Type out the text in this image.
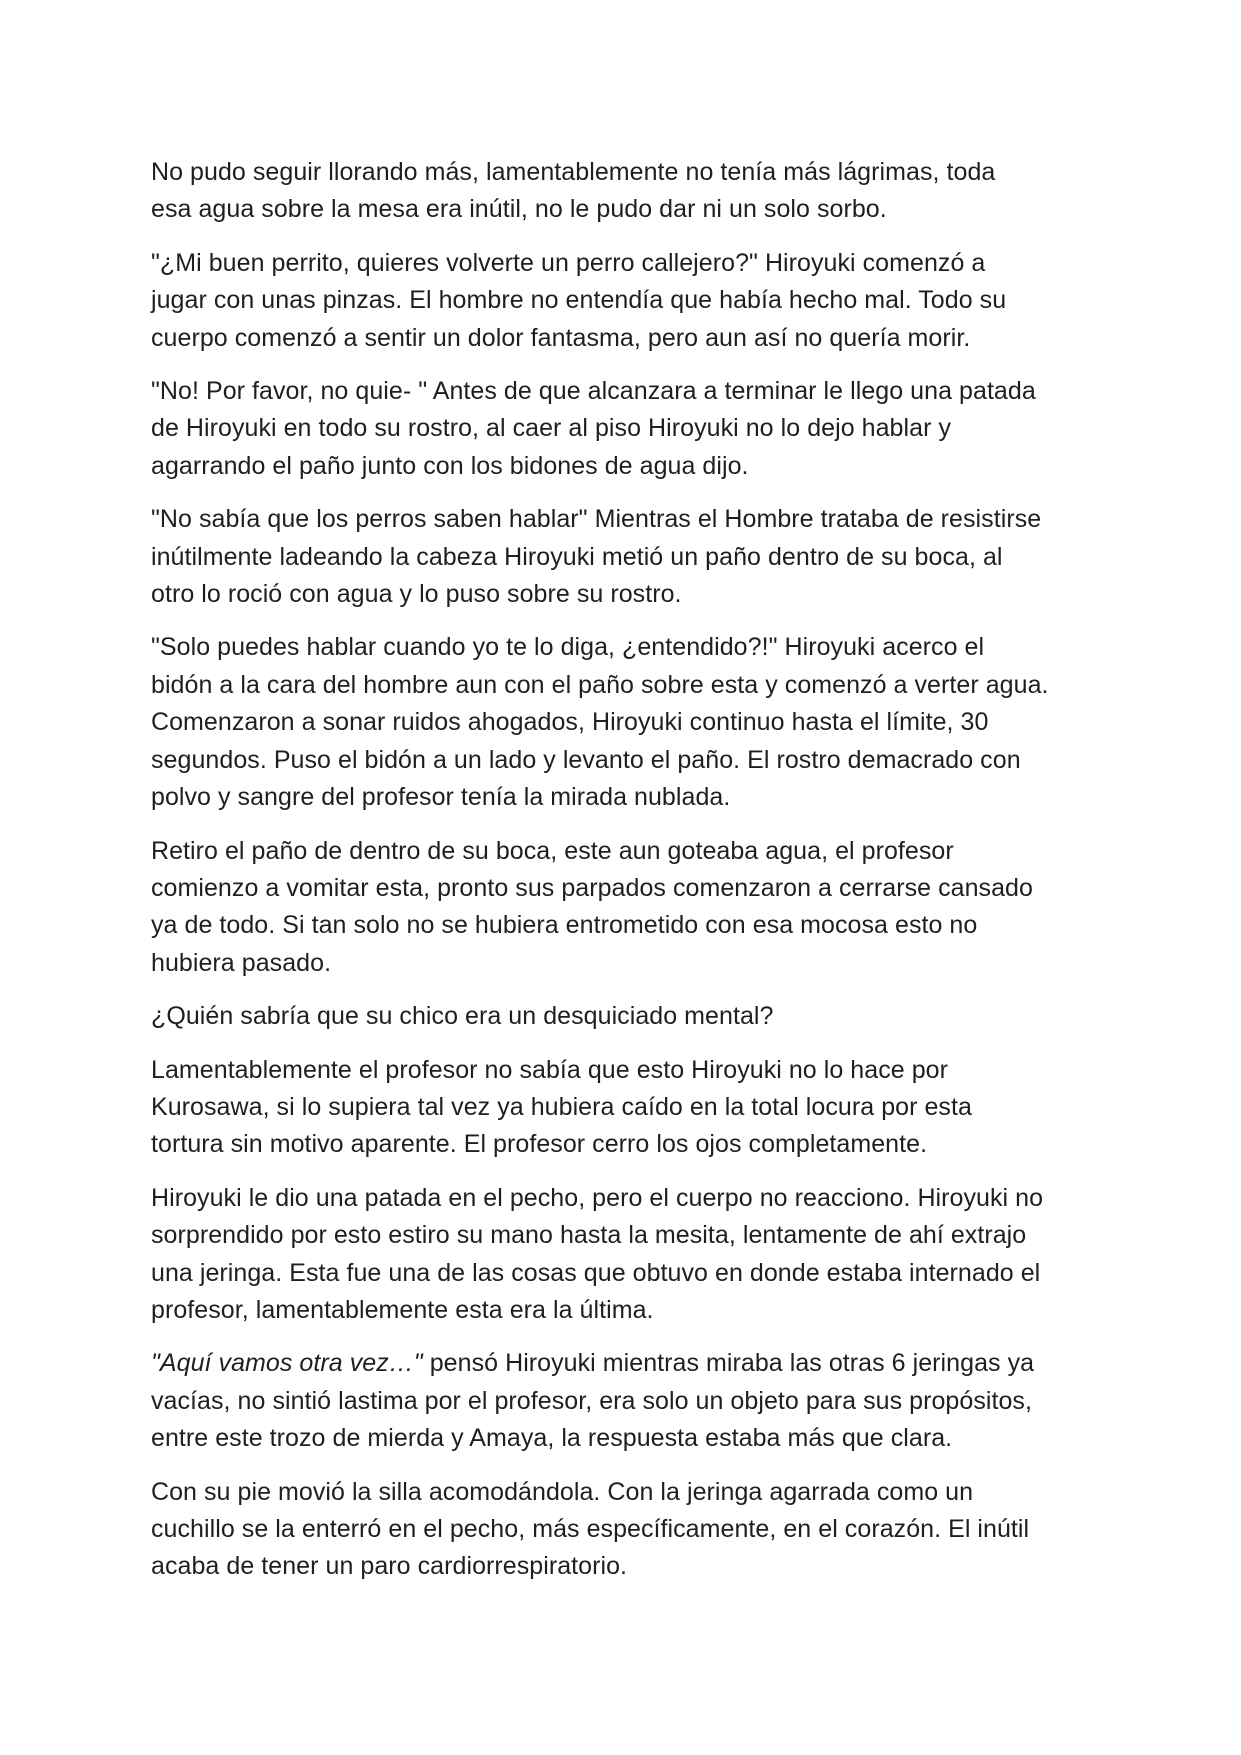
No pudo seguir llorando más, lamentablemente no tenía más lágrimas, toda
esa agua sobre la mesa era inútil, no le pudo dar ni un solo sorbo.

"¿Mi buen perrito, quieres volverte un perro callejero?" Hiroyuki comenzó a
jugar con unas pinzas. El hombre no entendía que había hecho mal. Todo su
cuerpo comenzó a sentir un dolor fantasma, pero aun así no quería morir.

"No! Por favor, no quie- " Antes de que alcanzara a terminar le llego una patada
de Hiroyuki en todo su rostro, al caer al piso Hiroyuki no lo dejo hablar y
agarrando el paño junto con los bidones de agua dijo.

"No sabía que los perros saben hablar" Mientras el Hombre trataba de resistirse
inútilmente ladeando la cabeza Hiroyuki metió un paño dentro de su boca, al
otro lo roció con agua y lo puso sobre su rostro.

"Solo puedes hablar cuando yo te lo diga, ¿entendido?!" Hiroyuki acerco el
bidón a la cara del hombre aun con el paño sobre esta y comenzó a verter agua.
Comenzaron a sonar ruidos ahogados, Hiroyuki continuo hasta el límite, 30
segundos. Puso el bidón a un lado y levanto el paño. El rostro demacrado con
polvo y sangre del profesor tenía la mirada nublada.

Retiro el paño de dentro de su boca, este aun goteaba agua, el profesor
comienzo a vomitar esta, pronto sus parpados comenzaron a cerrarse cansado
ya de todo. Si tan solo no se hubiera entrometido con esa mocosa esto no
hubiera pasado.

¿Quién sabría que su chico era un desquiciado mental?

Lamentablemente el profesor no sabía que esto Hiroyuki no lo hace por
Kurosawa, si lo supiera tal vez ya hubiera caído en la total locura por esta
tortura sin motivo aparente. El profesor cerro los ojos completamente.

Hiroyuki le dio una patada en el pecho, pero el cuerpo no reacciono. Hiroyuki no
sorprendido por esto estiro su mano hasta la mesita, lentamente de ahí extrajo
una jeringa. Esta fue una de las cosas que obtuvo en donde estaba internado el
profesor, lamentablemente esta era la última.

"Aquí vamos otra vez…" pensó Hiroyuki mientras miraba las otras 6 jeringas ya
vacías, no sintió lastima por el profesor, era solo un objeto para sus propósitos,
entre este trozo de mierda y Amaya, la respuesta estaba más que clara.

Con su pie movió la silla acomodándola. Con la jeringa agarrada como un
cuchillo se la enterró en el pecho, más específicamente, en el corazón. El inútil
acaba de tener un paro cardiorrespiratorio.
